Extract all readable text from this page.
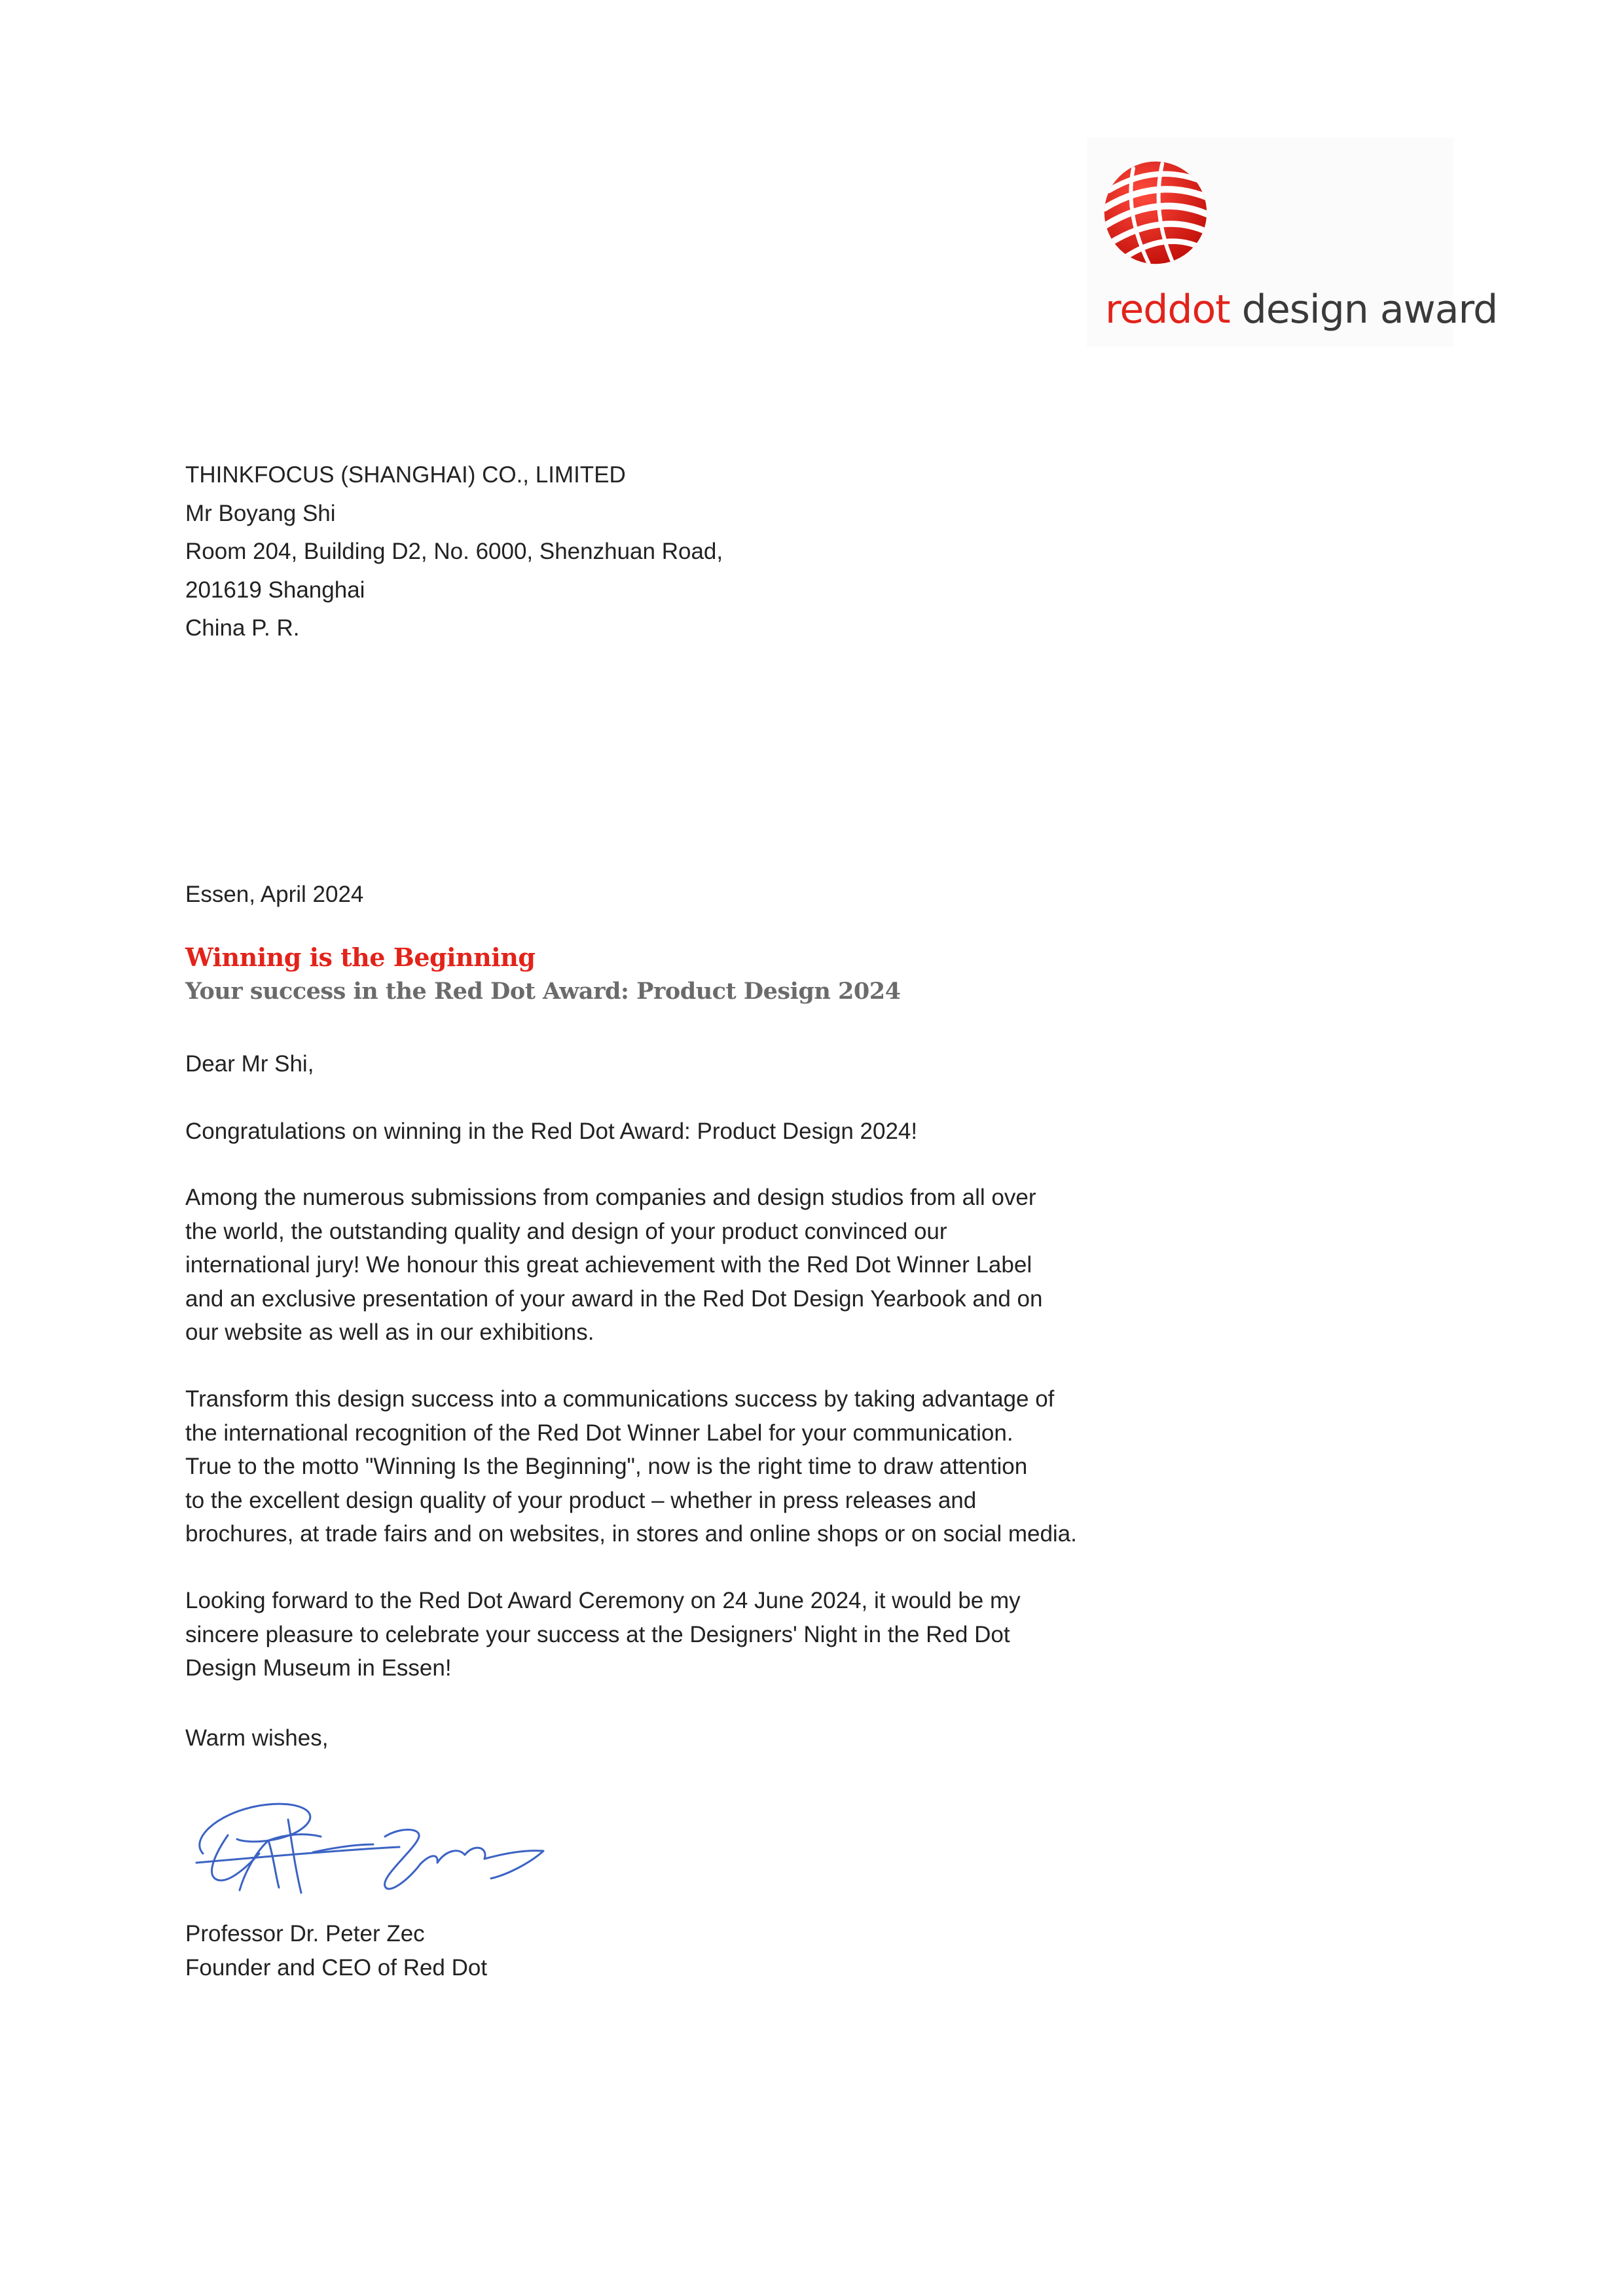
reddot design award
THINKFOCUS (SHANGHAI) CO., LIMITED
Mr Boyang Shi
Room 204, Building D2, No. 6000, Shenzhuan Road,
201619 Shanghai
China P. R.
Essen, April 2024
Winning is the Beginning
Your success in the Red Dot Award: Product Design 2024
Dear Mr Shi,
Congratulations on winning in the Red Dot Award: Product Design 2024!
Among the numerous submissions from companies and design studios from all over
the world, the outstanding quality and design of your product convinced our
international jury! We honour this great achievement with the Red Dot Winner Label
and an exclusive presentation of your award in the Red Dot Design Yearbook and on
our website as well as in our exhibitions.
Transform this design success into a communications success by taking advantage of
the international recognition of the Red Dot Winner Label for your communication.
True to the motto "Winning Is the Beginning", now is the right time to draw attention
to the excellent design quality of your product – whether in press releases and
brochures, at trade fairs and on websites, in stores and online shops or on social media.
Looking forward to the Red Dot Award Ceremony on 24 June 2024, it would be my
sincere pleasure to celebrate your success at the Designers' Night in the Red Dot
Design Museum in Essen!
Warm wishes,
Professor Dr. Peter Zec
Founder and CEO of Red Dot
